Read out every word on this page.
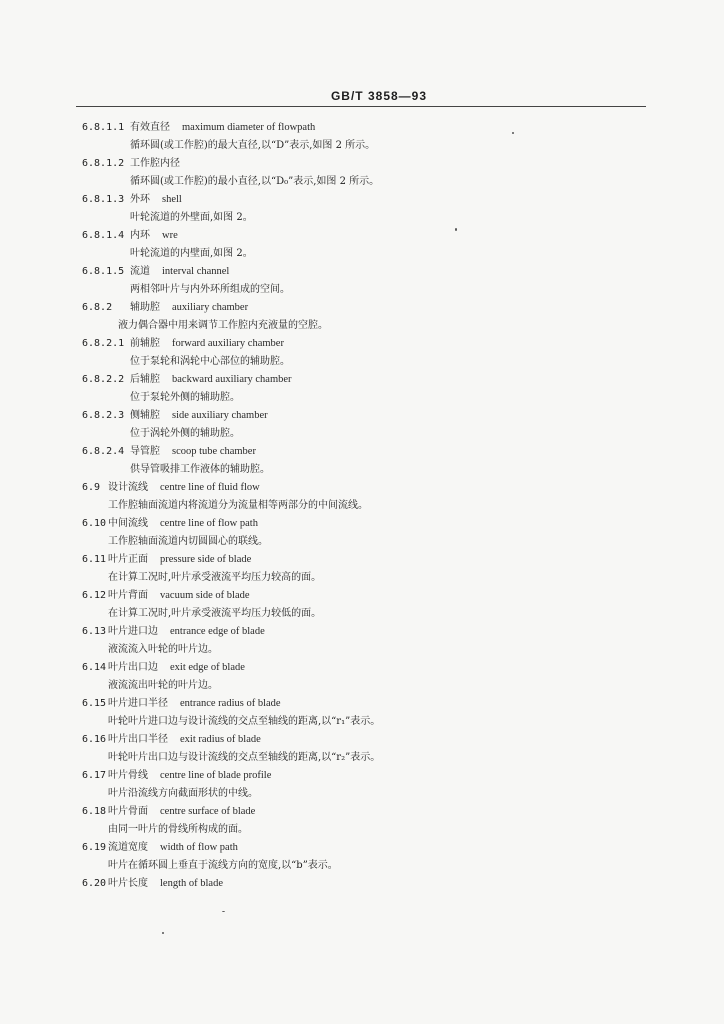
GB/T 3858—93
6.8.1.1 有效直径 maximum diameter of flowpath
循环圆(或工作腔)的最大直径,以“D”表示,如图 2 所示。
6.8.1.2 工作腔内径
循环圆(或工作腔)的最小直径,以“D₀”表示,如图 2 所示。
6.8.1.3 外环 shell
叶轮流道的外壁面,如图 2。
6.8.1.4 内环 wre
叶轮流道的内壁面,如图 2。
6.8.1.5 流道 interval channel
两相邻叶片与内外环所组成的空间。
6.8.2 辅助腔 auxiliary chamber
液力偶合器中用来调节工作腔内充液量的空腔。
6.8.2.1 前辅腔 forward auxiliary chamber
位于泵轮和涡轮中心部位的辅助腔。
6.8.2.2 后辅腔 backward auxiliary chamber
位于泵轮外侧的辅助腔。
6.8.2.3 侧辅腔 side auxiliary chamber
位于涡轮外侧的辅助腔。
6.8.2.4 导管腔 scoop tube chamber
供导管吸排工作液体的辅助腔。
6.9 设计流线 centre line of fluid flow
工作腔轴面流道内将流道分为流量相等两部分的中间流线。
6.10 中间流线 centre line of flow path
工作腔轴面流道内切圆圆心的联线。
6.11 叶片正面 pressure side of blade
在计算工况时,叶片承受液流平均压力较高的面。
6.12 叶片背面 vacuum side of blade
在计算工况时,叶片承受液流平均压力较低的面。
6.13 叶片进口边 entrance edge of blade
液流流入叶轮的叶片边。
6.14 叶片出口边 exit edge of blade
液流流出叶轮的叶片边。
6.15 叶片进口半径 entrance radius of blade
叶轮叶片进口边与设计流线的交点至轴线的距离,以“r₁”表示。
6.16 叶片出口半径 exit radius of blade
叶轮叶片出口边与设计流线的交点至轴线的距离,以“r₂”表示。
6.17 叶片骨线 centre line of blade profile
叶片沿流线方向截面形状的中线。
6.18 叶片骨面 centre surface of blade
由同一叶片的骨线所构成的面。
6.19 流道宽度 width of flow path
叶片在循环圆上垂直于流线方向的宽度,以“b”表示。
6.20 叶片长度 length of blade
